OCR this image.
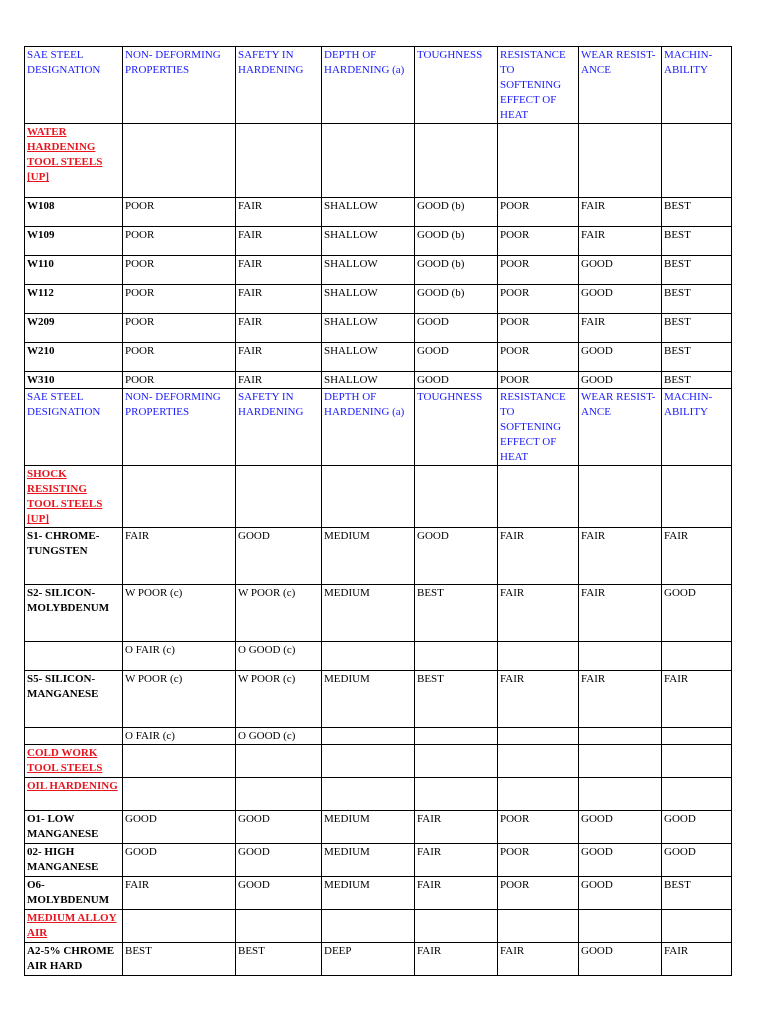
SAE STEEL DESIGNATION	NON- DEFORMING PROPERTIES	SAFETY IN HARDENING	DEPTH OF HARDENING (a)	TOUGHNESS	RESISTANCE TO SOFTENING EFFECT OF HEAT	WEAR RESIST- ANCE	MACHIN- ABILITY
WATER HARDENING TOOL STEELS [UP]							
W108	POOR	FAIR	SHALLOW	GOOD (b)	POOR	FAIR	BEST
W109	POOR	FAIR	SHALLOW	GOOD (b)	POOR	FAIR	BEST
W110	POOR	FAIR	SHALLOW	GOOD (b)	POOR	GOOD	BEST
W112	POOR	FAIR	SHALLOW	GOOD (b)	POOR	GOOD	BEST
W209	POOR	FAIR	SHALLOW	GOOD	POOR	FAIR	BEST
W210	POOR	FAIR	SHALLOW	GOOD	POOR	GOOD	BEST
W310	POOR	FAIR	SHALLOW	GOOD	POOR	GOOD	BEST
SAE STEEL DESIGNATION	NON- DEFORMING PROPERTIES	SAFETY IN HARDENING	DEPTH OF HARDENING (a)	TOUGHNESS	RESISTANCE TO SOFTENING EFFECT OF HEAT	WEAR RESIST- ANCE	MACHIN- ABILITY
SHOCK RESISTING TOOL STEELS [UP]							
S1- CHROME- TUNGSTEN	FAIR	GOOD	MEDIUM	GOOD	FAIR	FAIR	FAIR
S2- SILICON- MOLYBDENUM	W POOR (c)	W POOR (c)	MEDIUM	BEST	FAIR	FAIR	GOOD
	O FAIR (c)	O GOOD (c)					
S5- SILICON- MANGANESE	W POOR (c)	W POOR (c)	MEDIUM	BEST	FAIR	FAIR	FAIR
	O FAIR (c)	O GOOD (c)					
COLD WORK TOOL STEELS							
OIL HARDENING							
O1- LOW MANGANESE	GOOD	GOOD	MEDIUM	FAIR	POOR	GOOD	GOOD
02- HIGH MANGANESE	GOOD	GOOD	MEDIUM	FAIR	POOR	GOOD	GOOD
O6- MOLYBDENUM	FAIR	GOOD	MEDIUM	FAIR	POOR	GOOD	BEST
MEDIUM ALLOY AIR							
A2-5% CHROME AIR HARD	BEST	BEST	DEEP	FAIR	FAIR	GOOD	FAIR
